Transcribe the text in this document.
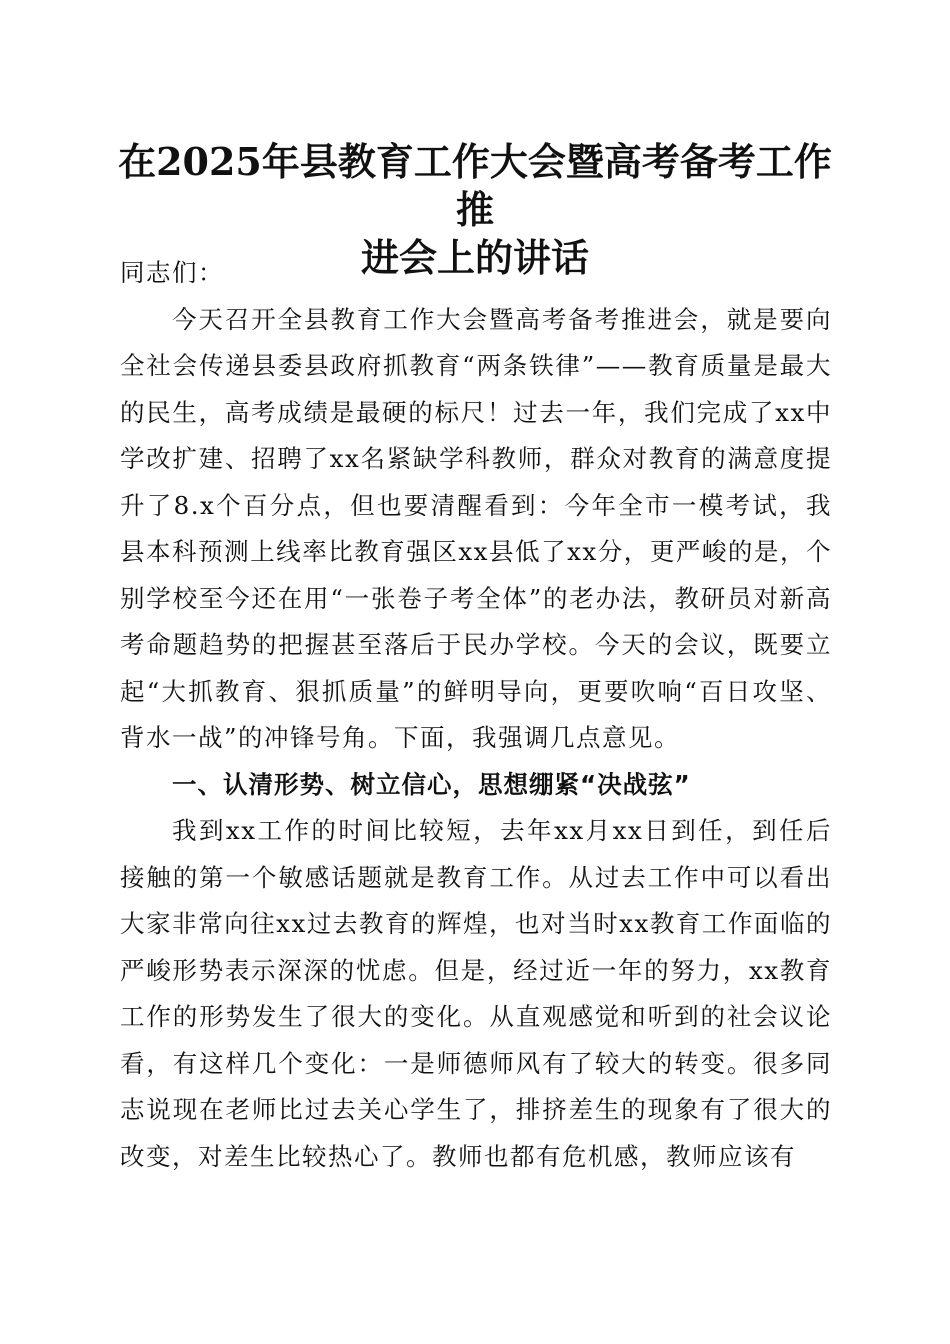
在2025年县教育工作大会暨高考备考工作推
进会上的讲话

同志们：

今天召开全县教育工作大会暨高考备考推进会，就是要向全社会传递县委县政府抓教育“两条铁律”——教育质量是最大的民生，高考成绩是最硬的标尺！过去一年，我们完成了xx中学改扩建、招聘了xx名紧缺学科教师，群众对教育的满意度提升了8.x个百分点，但也要清醒看到：今年全市一模考试，我县本科预测上线率比教育强区xx县低了xx分，更严峻的是，个别学校至今还在用“一张卷子考全体”的老办法，教研员对新高考命题趋势的把握甚至落后于民办学校。今天的会议，既要立起“大抓教育、狠抓质量”的鲜明导向，更要吹响“百日攻坚、背水一战”的冲锋号角。下面，我强调几点意见。

一、认清形势、树立信心，思想绷紧“决战弦”

我到xx工作的时间比较短，去年xx月xx日到任，到任后接触的第一个敏感话题就是教育工作。从过去工作中可以看出大家非常向往xx过去教育的辉煌，也对当时xx教育工作面临的严峻形势表示深深的忧虑。但是，经过近一年的努力，xx教育工作的形势发生了很大的变化。从直观感觉和听到的社会议论看，有这样几个变化：一是师德师风有了较大的转变。很多同志说现在老师比过去关心学生了，排挤差生的现象有了很大的改变，对差生比较热心了。教师也都有危机感，教师应该有
